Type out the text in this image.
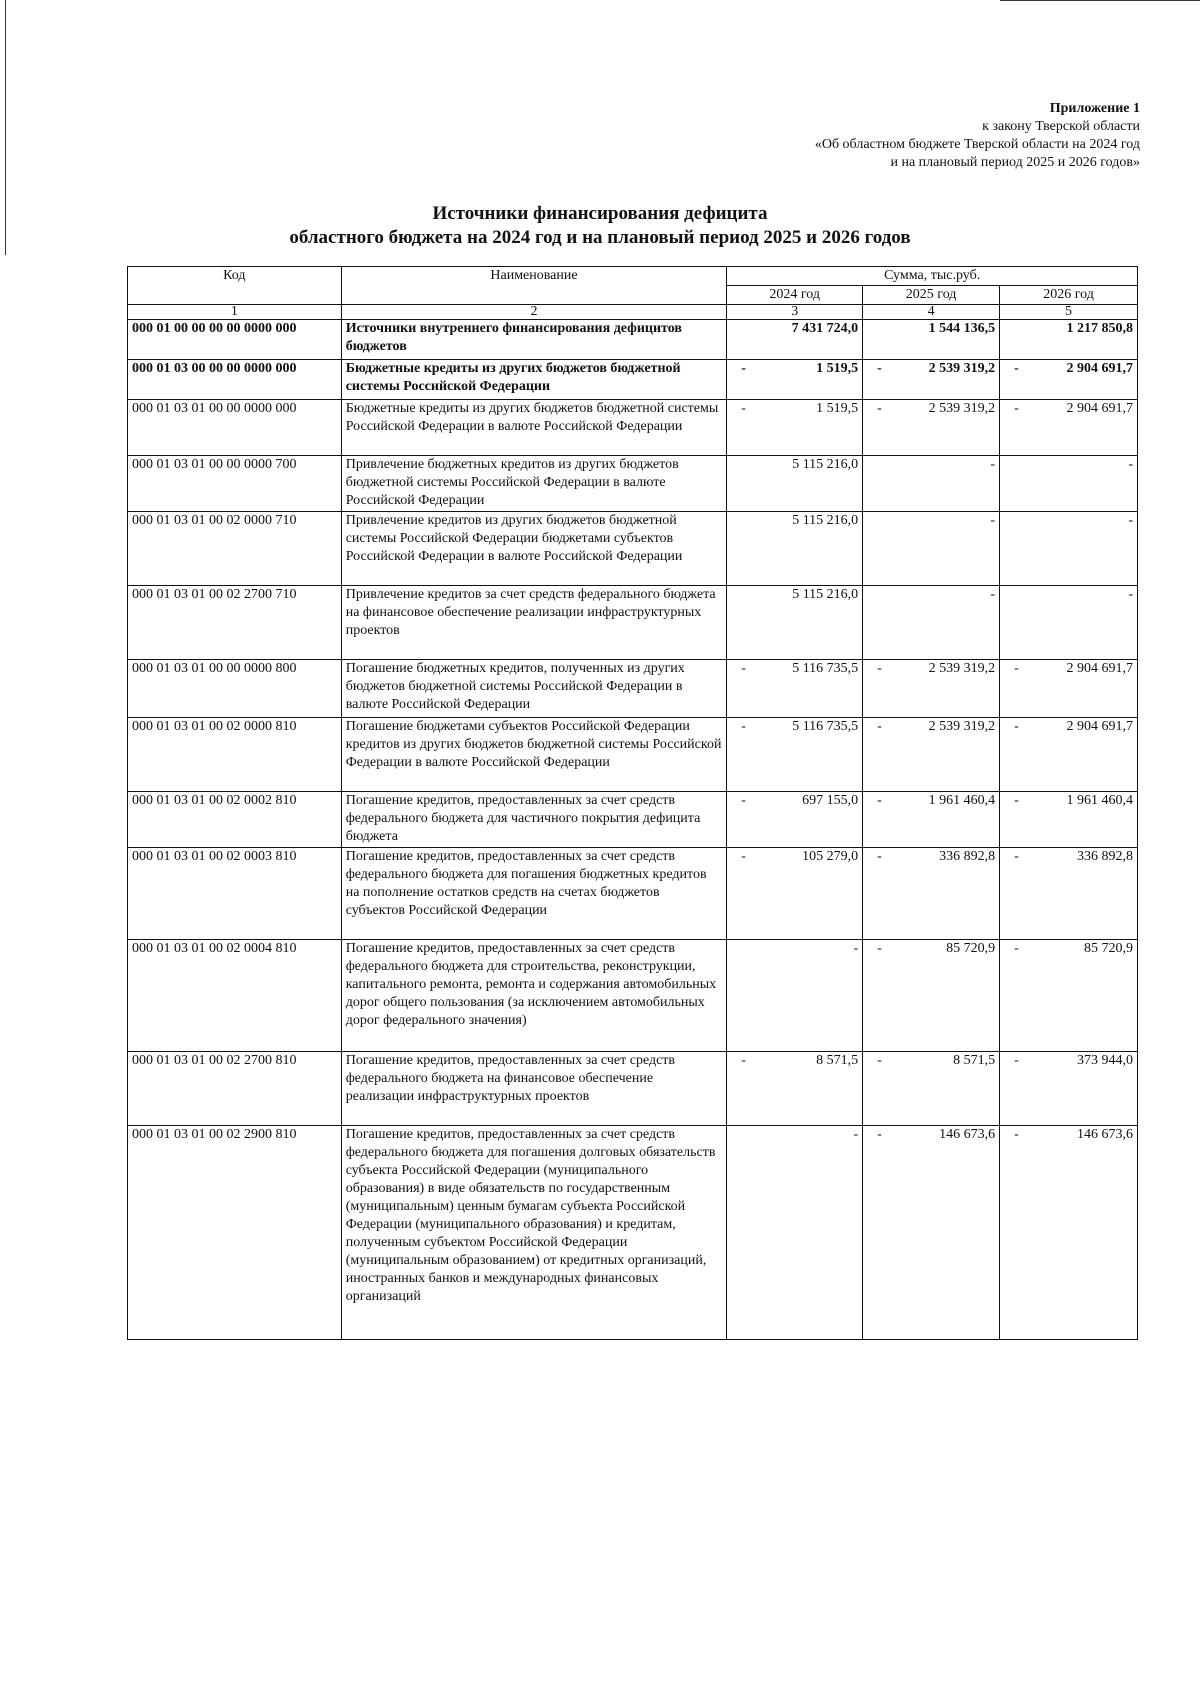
Приложение 1
к закону Тверской области
«Об областном бюджете Тверской области на 2024 год
и на плановый период 2025 и 2026 годов»
Источники финансирования дефицита
областного бюджета на 2024 год и на плановый период 2025 и 2026 годов
Код	Наименование	Сумма, тыс.руб.		
		2024 год	2025 год	2026 год
1	2	3	4	5
000 01 00 00 00 00 0000 000	Источники внутреннего финансирования дефицитов бюджетов	7 431 724,0	1 544 136,5	1 217 850,8
000 01 03 00 00 00 0000 000	Бюджетные кредиты из других бюджетов бюджетной системы Российской Федерации	- 1 519,5	- 2 539 319,2	- 2 904 691,7
000 01 03 01 00 00 0000 000	Бюджетные кредиты из других бюджетов бюджетной системы Российской Федерации в валюте Российской Федерации	- 1 519,5	- 2 539 319,2	- 2 904 691,7
000 01 03 01 00 00 0000 700	Привлечение бюджетных кредитов из других бюджетов бюджетной системы Российской Федерации в валюте Российской Федерации	5 115 216,0	-	-
000 01 03 01 00 02 0000 710	Привлечение кредитов из других бюджетов бюджетной системы Российской Федерации бюджетами субъектов Российской Федерации в валюте Российской Федерации	5 115 216,0	-	-
000 01 03 01 00 02 2700 710	Привлечение кредитов за счет средств федерального бюджета на финансовое обеспечение реализации инфраструктурных проектов	5 115 216,0	-	-
000 01 03 01 00 00 0000 800	Погашение бюджетных кредитов, полученных из других бюджетов бюджетной системы Российской Федерации в валюте Российской Федерации	- 5 116 735,5	- 2 539 319,2	- 2 904 691,7
000 01 03 01 00 02 0000 810	Погашение бюджетами субъектов Российской Федерации кредитов из других бюджетов бюджетной системы Российской Федерации в валюте Российской Федерации	- 5 116 735,5	- 2 539 319,2	- 2 904 691,7
000 01 03 01 00 02 0002 810	Погашение кредитов, предоставленных за счет средств федерального бюджета для частичного покрытия дефицита бюджета	- 697 155,0	- 1 961 460,4	- 1 961 460,4
000 01 03 01 00 02 0003 810	Погашение кредитов, предоставленных за счет средств федерального бюджета для погашения бюджетных кредитов на пополнение остатков средств на счетах бюджетов субъектов Российской Федерации	- 105 279,0	- 336 892,8	- 336 892,8
000 01 03 01 00 02 0004 810	Погашение кредитов, предоставленных за счет средств федерального бюджета для строительства, реконструкции, капитального ремонта, ремонта и содержания автомобильных дорог общего пользования (за исключением автомобильных дорог федерального значения)	-	- 85 720,9	- 85 720,9
000 01 03 01 00 02 2700 810	Погашение кредитов, предоставленных за счет средств федерального бюджета на финансовое обеспечение реализации инфраструктурных проектов	- 8 571,5	- 8 571,5	- 373 944,0
000 01 03 01 00 02 2900 810	Погашение кредитов, предоставленных за счет средств федерального бюджета для погашения долговых обязательств субъекта Российской Федерации (муниципального образования) в виде обязательств по государственным (муниципальным) ценным бумагам субъекта Российской Федерации (муниципального образования) и кредитам, полученным субъектом Российской Федерации (муниципальным образованием) от кредитных организаций, иностранных банков и международных финансовых организаций	-	- 146 673,6	- 146 673,6
